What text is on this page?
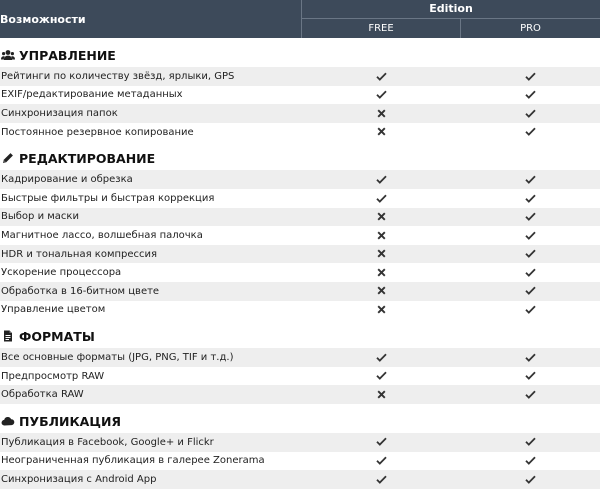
Возможности
Edition
FREE	PRO
УПРАВЛЕНИЕ
Рейтинги по количеству звёзд, ярлыки, GPS
EXIF/редактирование метаданных
Синхронизация папок
Постоянное резервное копирование
РЕДАКТИРОВАНИЕ
Кадрирование и обрезка
Быстрые фильтры и быстрая коррекция
Выбор и маски
Магнитное лассо, волшебная палочка
HDR и тональная компрессия
Ускорение процессора
Обработка в 16-битном цвете
Управление цветом
ФОРМАТЫ
Все основные форматы (JPG, PNG, TIF и т.д.)
Предпросмотр RAW
Обработка RAW
ПУБЛИКАЦИЯ
Публикация в Facebook, Google+ и Flickr
Неограниченная публикация в галерее Zonerama
Синхронизация с Android App
